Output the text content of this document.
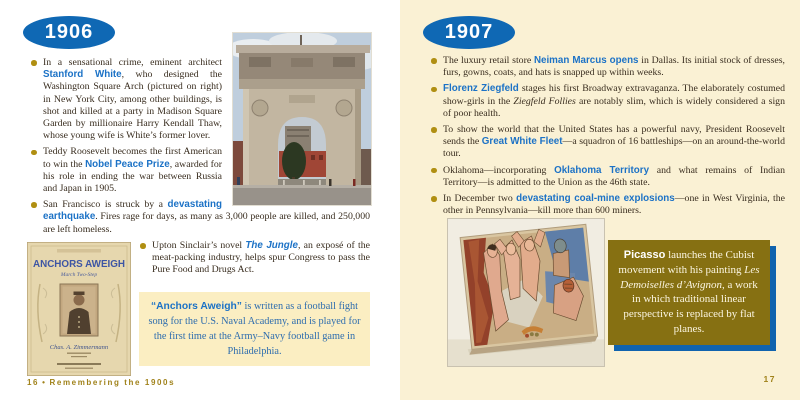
1906
In a sensational crime, eminent architect Stanford White, who designed the Washington Square Arch (pictured on right) in New York City, among other buildings, is shot and killed at a party in Madison Square Garden by millionaire Harry Kendall Thaw, whose young wife is White’s former lover.
Teddy Roosevelt becomes the first American to win the Nobel Peace Prize, awarded for his role in ending the war between Russia and Japan in 1905.
San Francisco is struck by a devastating earthquake. Fires rage for days, as many as 3,000 people are killed, and 250,000 are left homeless.
Upton Sinclair’s novel The Jungle, an exposé of the meat-packing industry, helps spur Congress to pass the Pure Food and Drugs Act.
“Anchors Aweigh” is written as a football fight song for the U.S. Naval Academy, and is played for the first time at the Army–Navy football game in Philadelphia.
ANCHORS AWEIGH
March Two-Step
Chas. A. Zimmermann
16 • Remembering the 1900s
1907
The luxury retail store Neiman Marcus opens in Dallas. Its initial stock of dresses, furs, gowns, coats, and hats is snapped up within weeks.
Florenz Ziegfeld stages his first Broadway extravaganza. The elaborately costumed show-girls in the Ziegfeld Follies are notably slim, which is widely considered a sign of poor health.
To show the world that the United States has a powerful navy, President Roosevelt sends the Great White Fleet—a squadron of 16 battleships—on an around-the-world tour.
Oklahoma—incorporating Oklahoma Territory and what remains of Indian Territory—is admitted to the Union as the 46th state.
In December two devastating coal-mine explosions—one in West Virginia, the other in Pennsylvania—kill more than 600 miners.
Picasso launches the Cubist movement with his painting Les Demoiselles d’Avignon, a work in which traditional linear perspective is replaced by flat planes.
17
